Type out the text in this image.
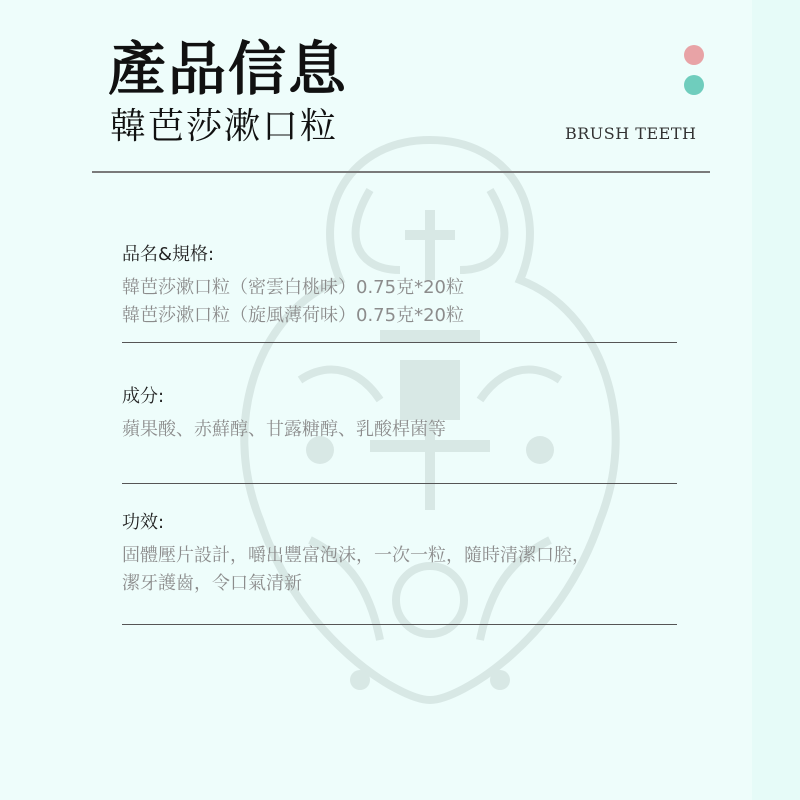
產品信息
韓芭莎漱口粒	BRUSH TEETH
品名&規格:
韓芭莎漱口粒（密雲白桃味）0.75克*20粒
韓芭莎漱口粒（旋風薄荷味）0.75克*20粒
成分:
蘋果酸、赤蘚醇、甘露糖醇、乳酸桿菌等
功效:
固體壓片設計，嚼出豐富泡沫，一次一粒，隨時清潔口腔，
潔牙護齒，令口氣清新
